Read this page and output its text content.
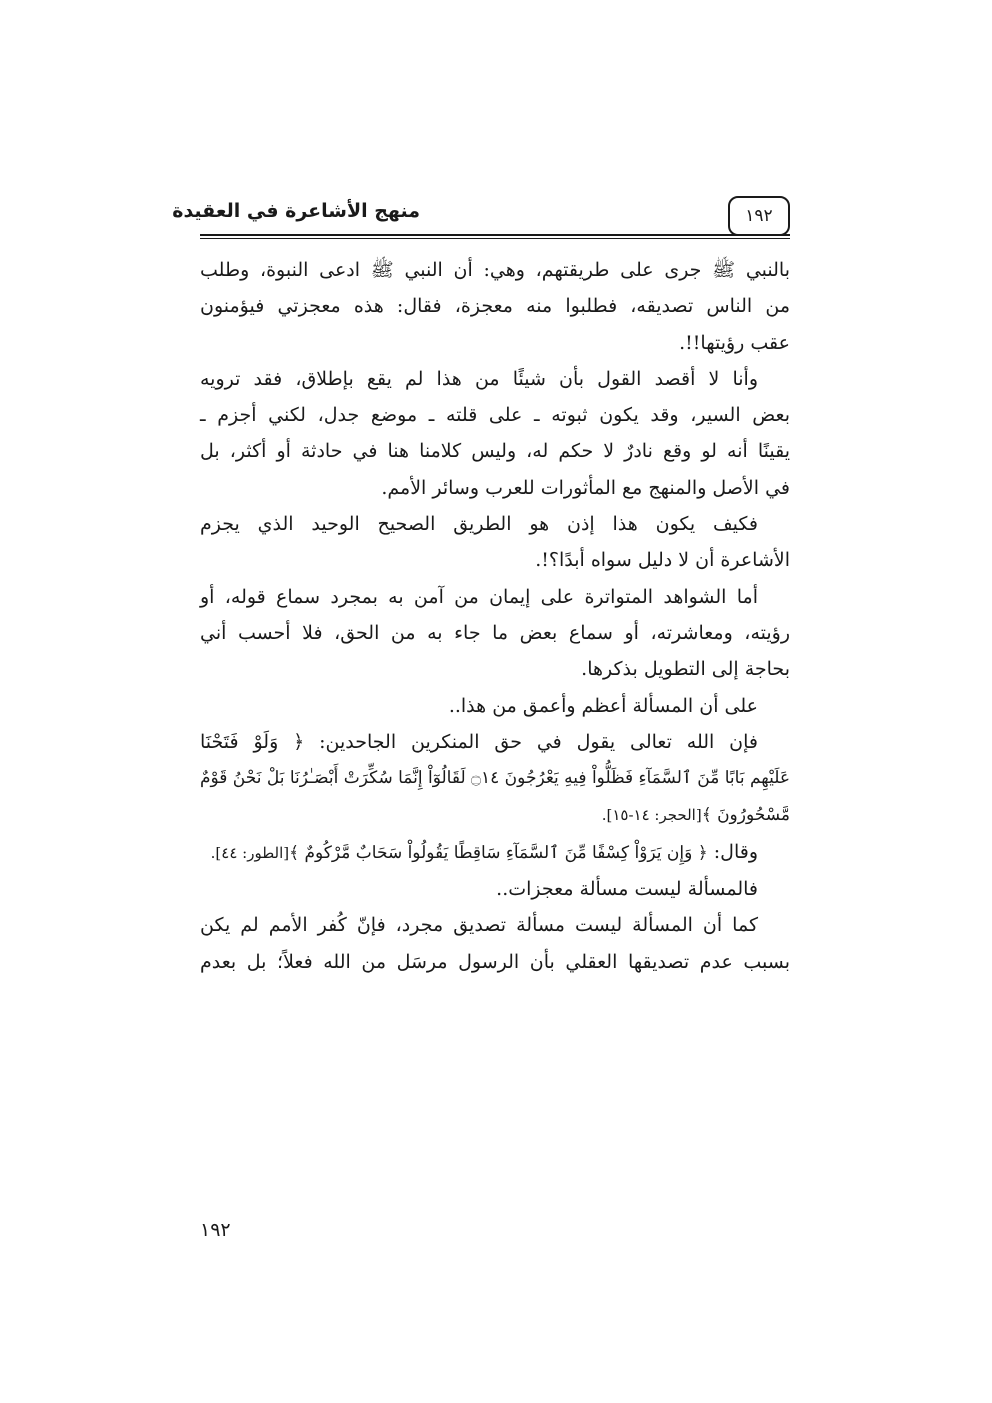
منهج الأشاعرة في العقيدة	١٩٢

بالنبي ﷺ جرى على طريقتهم، وهي: أن النبي ﷺ ادعى النبوة، وطلب
من الناس تصديقه، فطلبوا منه معجزة، فقال: هذه معجزتي فيؤمنون
عقب رؤيتها!!.

وأنا لا أقصد القول بأن شيئًا من هذا لم يقع بإطلاق، فقد ترويه
بعض السير، وقد يكون ثبوته ـ على قلته ـ موضع جدل، لكني أجزم ـ
يقينًا أنه لو وقع نادرٌ لا حكم له، وليس كلامنا هنا في حادثة أو أكثر، بل
في الأصل والمنهج مع المأثورات للعرب وسائر الأمم.

فكيف يكون هذا إذن هو الطريق الصحيح الوحيد الذي يجزم
الأشاعرة أن لا دليل سواه أبدًا؟!.

أما الشواهد المتواترة على إيمان من آمن به بمجرد سماع قوله، أو
رؤيته، ومعاشرته، أو سماع بعض ما جاء به من الحق، فلا أحسب أني
بحاجة إلى التطويل بذكرها.

على أن المسألة أعظم وأعمق من هذا..

فإن الله تعالى يقول في حق المنكرين الجاحدين: ﴿ وَلَوْ فَتَحْنَا
عَلَيْهِم بَابًا مِّنَ ٱلسَّمَآءِ فَظَلُّواْ فِيهِ يَعْرُجُونَ ۝١٤ لَقَالُوٓاْ إِنَّمَا سُكِّرَتْ أَبْصَـٰرُنَا بَلْ نَحْنُ قَوْمٌ
مَّسْحُورُونَ ﴾[الحجر: ١٤-١٥].

وقال: ﴿ وَإِن يَرَوْاْ كِسْفًا مِّنَ ٱلسَّمَآءِ سَاقِطًا يَقُولُواْ سَحَابٌ مَّرْكُومٌ ﴾[الطور: ٤٤].

فالمسألة ليست مسألة معجزات..

كما أن المسألة ليست مسألة تصديق مجرد، فإنّ كُفر الأمم لم يكن
بسبب عدم تصديقها العقلي بأن الرسول مرسَل من الله فعلاً؛ بل بعدم

١٩٢
